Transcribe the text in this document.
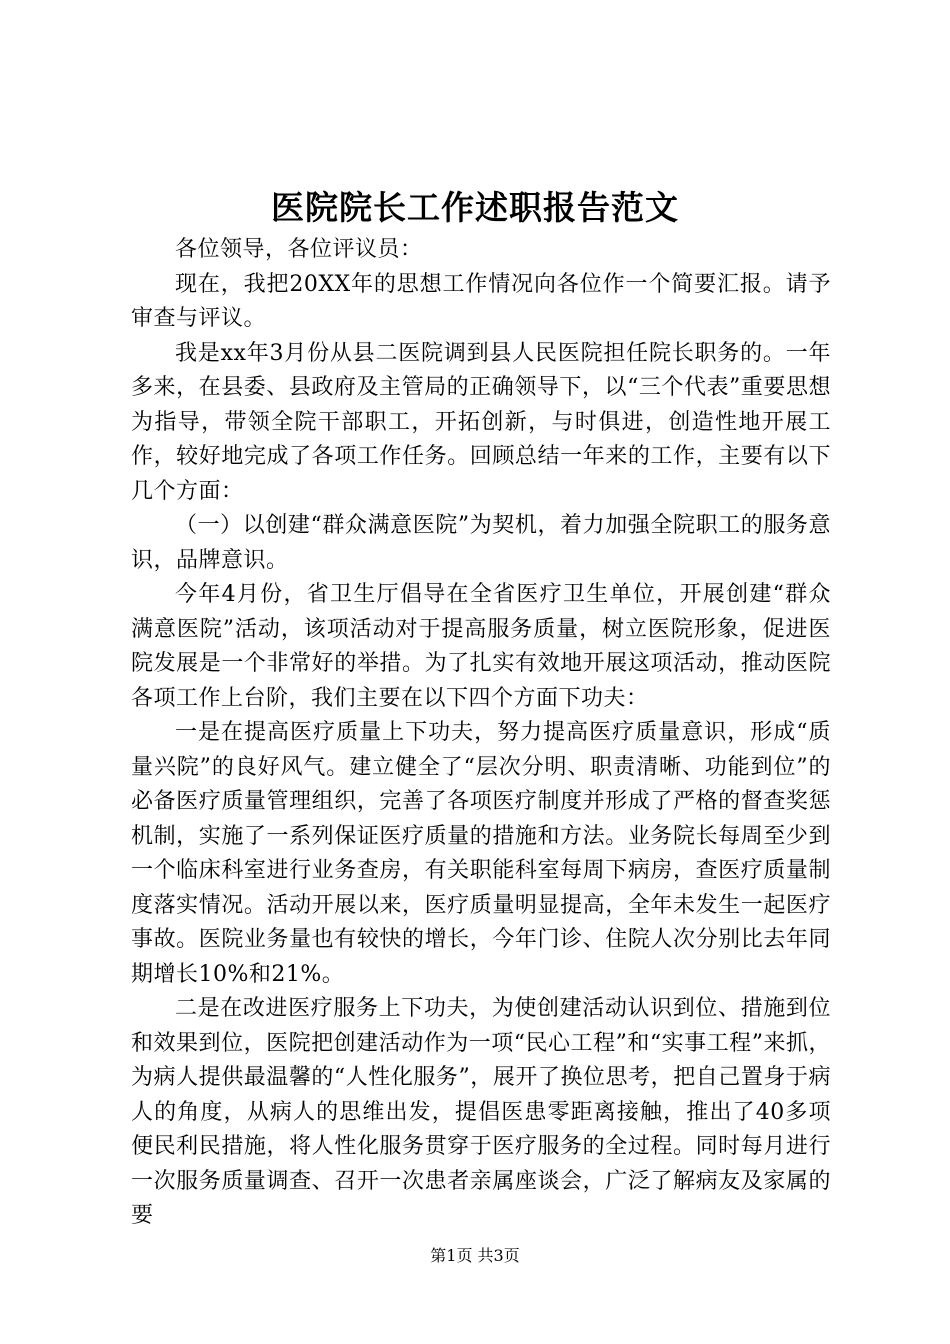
医院院长工作述职报告范文

各位领导，各位评议员：

现在，我把20XX年的思想工作情况向各位作一个简要汇报。请予审查与评议。

我是xx年3月份从县二医院调到县人民医院担任院长职务的。一年多来，在县委、县政府及主管局的正确领导下，以“三个代表”重要思想为指导，带领全院干部职工，开拓创新，与时俱进，创造性地开展工作，较好地完成了各项工作任务。回顾总结一年来的工作，主要有以下几个方面：

（一）以创建“群众满意医院”为契机，着力加强全院职工的服务意识，品牌意识。

今年4月份，省卫生厅倡导在全省医疗卫生单位，开展创建“群众满意医院”活动，该项活动对于提高服务质量，树立医院形象，促进医院发展是一个非常好的举措。为了扎实有效地开展这项活动，推动医院各项工作上台阶，我们主要在以下四个方面下功夫：

一是在提高医疗质量上下功夫，努力提高医疗质量意识，形成“质量兴院”的良好风气。建立健全了“层次分明、职责清晰、功能到位”的必备医疗质量管理组织，完善了各项医疗制度并形成了严格的督查奖惩机制，实施了一系列保证医疗质量的措施和方法。业务院长每周至少到一个临床科室进行业务查房，有关职能科室每周下病房，查医疗质量制度落实情况。活动开展以来，医疗质量明显提高，全年未发生一起医疗事故。医院业务量也有较快的增长，今年门诊、住院人次分别比去年同期增长10%和21%。

二是在改进医疗服务上下功夫，为使创建活动认识到位、措施到位和效果到位，医院把创建活动作为一项“民心工程”和“实事工程”来抓，为病人提供最温馨的“人性化服务”，展开了换位思考，把自己置身于病人的角度，从病人的思维出发，提倡医患零距离接触，推出了40多项便民利民措施，将人性化服务贯穿于医疗服务的全过程。同时每月进行一次服务质量调查、召开一次患者亲属座谈会，广泛了解病友及家属的要

第1页 共3页
